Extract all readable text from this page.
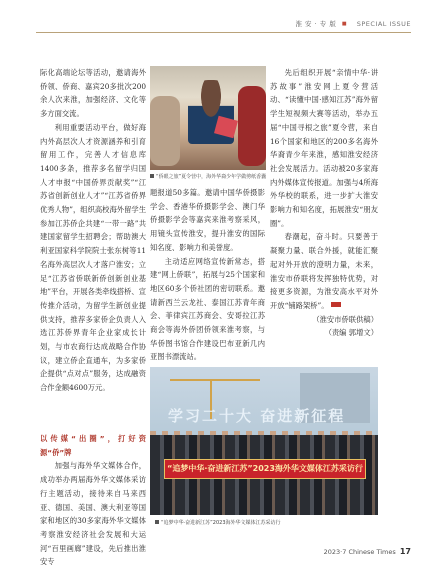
淮 安 · 专 版 ■ SPECIAL ISSUE

际化高端论坛等活动，邀请海外侨领、侨商、嘉宾20多批次200余人次来淮，加强经济、文化等多方面交流。

利用重要活动平台，做好海内外高层次人才资源涵养和引育留用工作，完善人才信息库1400多条，推荐多名留学归国人才申报“中国侨界贡献奖”“江苏省创新创业人才”“江苏省侨界优秀人物”，组织高校海外留学生参加江苏侨企共建“一带一路”共建国家留学生招聘会；帮助澳大利亚国家科学院院士张东树等11名海外高层次人才落户淮安；立足“江苏省侨联新侨创新创业基地”平台，开展各类牵线搭桥、宣传推介活动，为留学生新创业提供支持，推荐多家侨企负责人入选江苏侨界青年企业家成长计划，与市农商行达成战略合作协议，建立侨企直通车，为多家侨企提供“点对点”服务，达成融资合作金额4600万元。

以传媒“出圈”，打好资源“侨”牌

加强与海外华文媒体合作，成功举办两届海外华文媒体采访行主题活动，接待来自马来西亚、德国、美国、澳大利亚等国家和地区的30多家海外华文媒体考察淮安经济社会发展和大运河“百里画廊”建设，先后推出淮安专

“侨眼之旅”夏令营中，海外华裔少年学做剪纸香囊

题报道50多篇。邀请中国华侨摄影学会、香港华侨摄影学会、澳门华侨摄影学会等嘉宾来淮考察采风，用镜头宣传淮安，提升淮安的国际知名度、影响力和美誉度。

主动适应网络宣传新常态，搭建“网上侨联”，拓展与25个国家和地区60多个侨社团的密切联系。邀请新西兰云龙社、泰国江苏青年商会、菲律宾江苏商会、安哥拉江苏商会等海外侨团侨领来淮考察，与华侨图书馆合作建设巴布亚新几内亚图书漂流站。

先后组织开展“亲情中华·讲苏故事”淮安网上夏令营活动、“读懂中国·感知江苏”海外留学生短视频大赛等活动，举办五届“中国寻根之旅”夏令营，来自16个国家和地区的200多名海外华裔青少年来淮，感知淮安经济社会发展活力。活动被20多家海内外媒体宣传报道。加强与4所海外华校的联系，进一步扩大淮安影响力和知名度，拓展淮安“朋友圈”。

春潮起，奋斗时。只要善于凝聚力量、联合外援，就能汇聚起对外开放的澄明力量，未来，淮安市侨联将发挥独特优势，对接更多资源，为淮安高水平对外开放“铺路架桥”。

（淮安市侨联供稿）

（责编 郭增文）

学习二十大 奋进新征程
“追梦中华·奋进新江苏”2023海外华文媒体江苏采访行
“追梦中华·奋进新江苏”2023海外华文媒体江苏采访行
2023·7 Chinese Times 17
